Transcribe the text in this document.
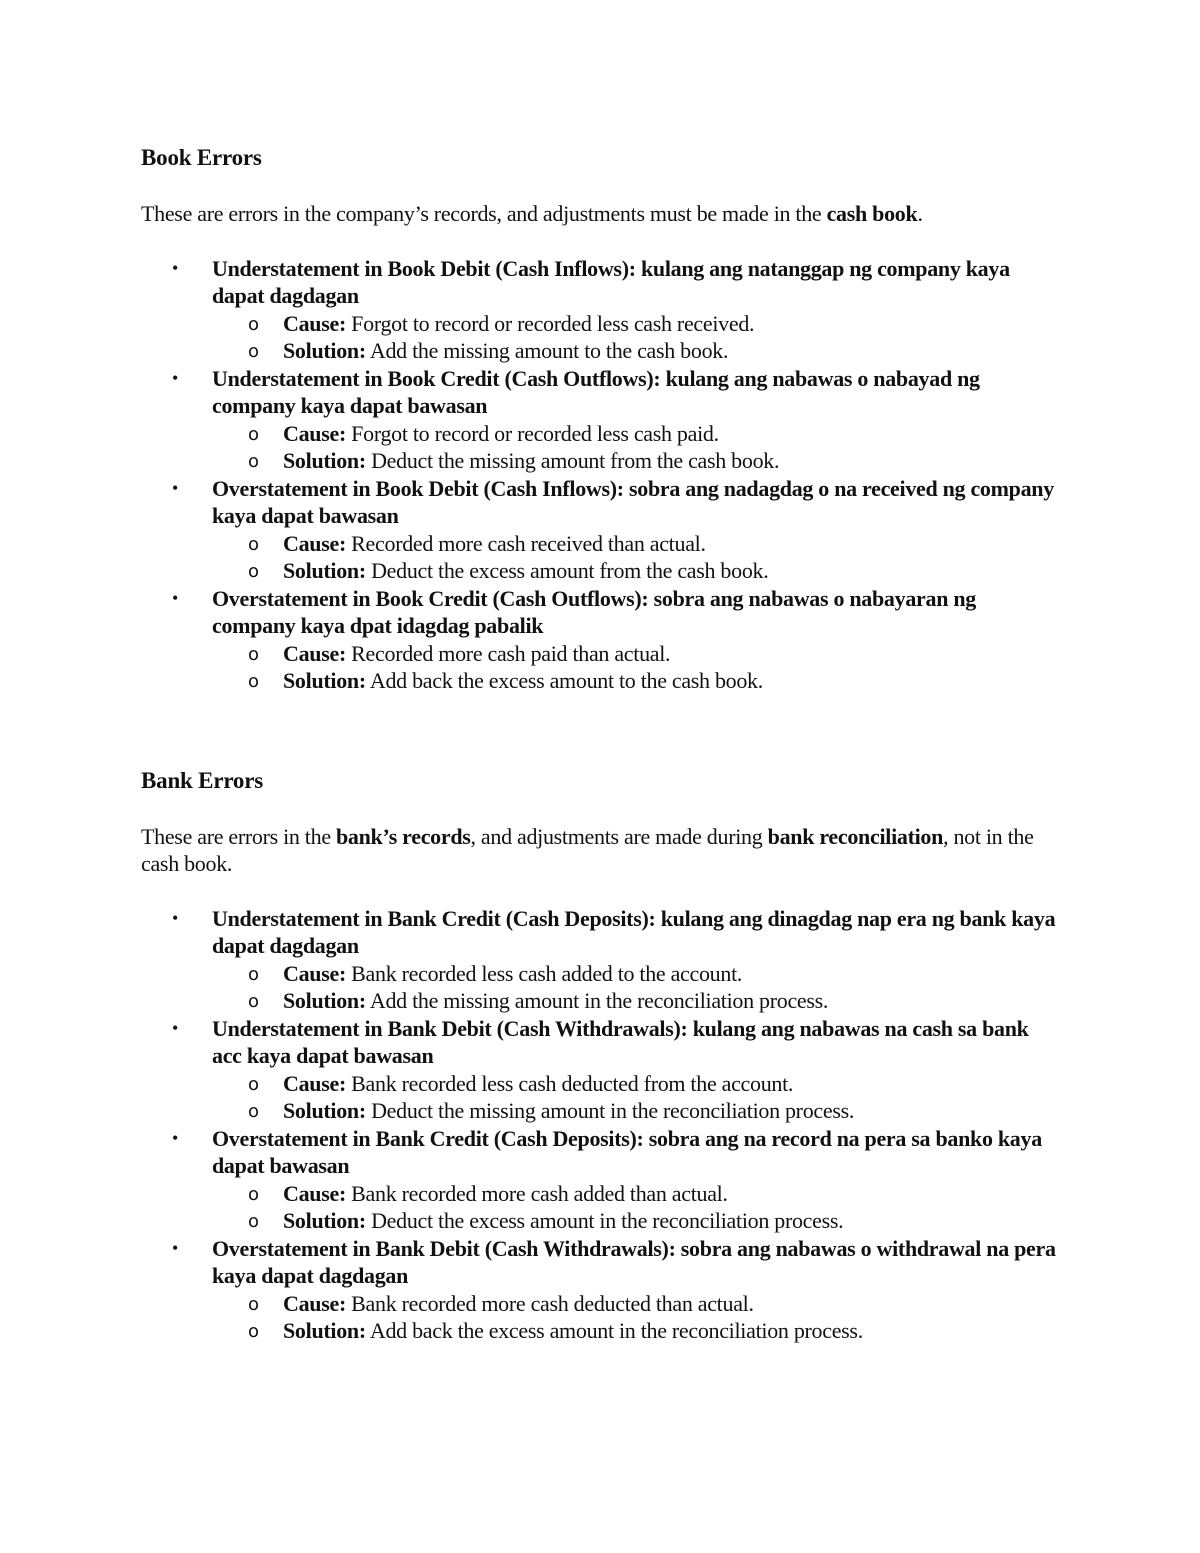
Book Errors

These are errors in the company’s records, and adjustments must be made in the cash book.

• Understatement in Book Debit (Cash Inflows): kulang ang natanggap ng company kaya dapat dagdagan
o Cause: Forgot to record or recorded less cash received.
o Solution: Add the missing amount to the cash book.
• Understatement in Book Credit (Cash Outflows): kulang ang nabawas o nabayad ng company kaya dapat bawasan
o Cause: Forgot to record or recorded less cash paid.
o Solution: Deduct the missing amount from the cash book.
• Overstatement in Book Debit (Cash Inflows): sobra ang nadagdag o na received ng company kaya dapat bawasan
o Cause: Recorded more cash received than actual.
o Solution: Deduct the excess amount from the cash book.
• Overstatement in Book Credit (Cash Outflows): sobra ang nabawas o nabayaran ng company kaya dpat idagdag pabalik
o Cause: Recorded more cash paid than actual.
o Solution: Add back the excess amount to the cash book.
Bank Errors

These are errors in the bank’s records, and adjustments are made during bank reconciliation, not in the cash book.

• Understatement in Bank Credit (Cash Deposits): kulang ang dinagdag nap era ng bank kaya dapat dagdagan
o Cause: Bank recorded less cash added to the account.
o Solution: Add the missing amount in the reconciliation process.
• Understatement in Bank Debit (Cash Withdrawals): kulang ang nabawas na cash sa bank acc kaya dapat bawasan
o Cause: Bank recorded less cash deducted from the account.
o Solution: Deduct the missing amount in the reconciliation process.
• Overstatement in Bank Credit (Cash Deposits): sobra ang na record na pera sa banko kaya dapat bawasan
o Cause: Bank recorded more cash added than actual.
o Solution: Deduct the excess amount in the reconciliation process.
• Overstatement in Bank Debit (Cash Withdrawals): sobra ang nabawas o withdrawal na pera kaya dapat dagdagan
o Cause: Bank recorded more cash deducted than actual.
o Solution: Add back the excess amount in the reconciliation process.
